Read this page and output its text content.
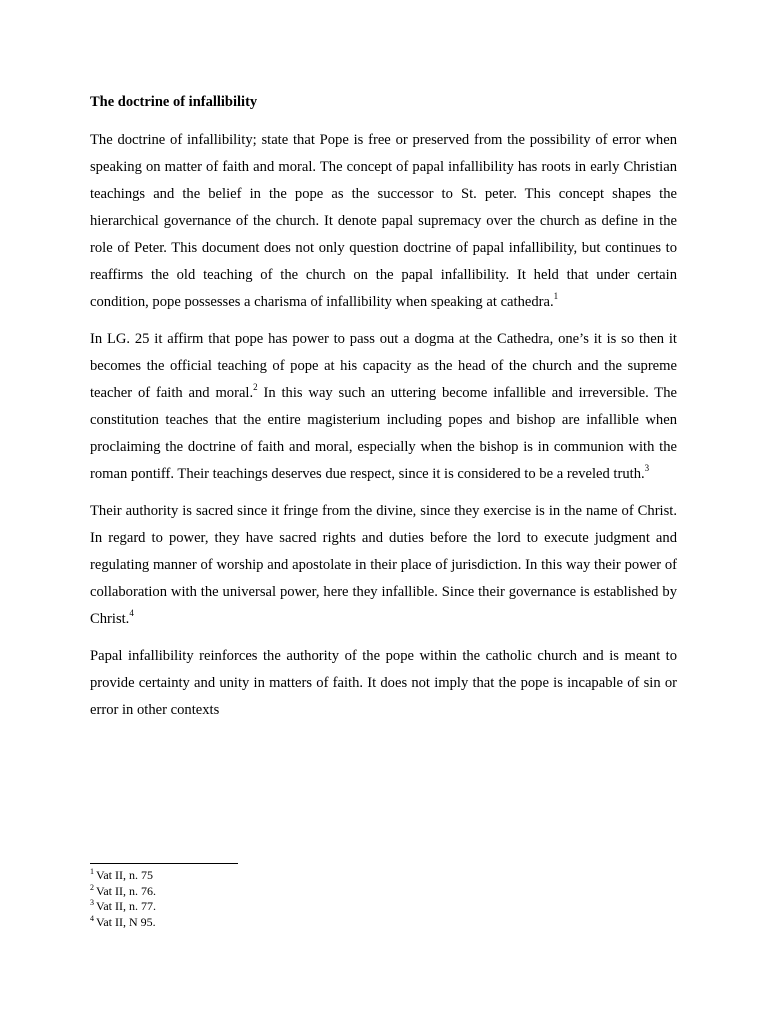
The doctrine of infallibility

The doctrine of infallibility; state that Pope is free or preserved from the possibility of error when speaking on matter of faith and moral. The concept of papal infallibility has roots in early Christian teachings and the belief in the pope as the successor to St. peter. This concept shapes the hierarchical governance of the church. It denote papal supremacy over the church as define in the role of Peter. This document does not only question doctrine of papal infallibility, but continues to reaffirms the old teaching of the church on the papal infallibility. It held that under certain condition, pope possesses a charisma of infallibility when speaking at cathedra.$^1$

In LG. 25 it affirm that pope has power to pass out a dogma at the Cathedra, one’s it is so then it becomes the official teaching of pope at his capacity as the head of the church and the supreme teacher of faith and moral.$^2$ In this way such an uttering become infallible and irreversible. The constitution teaches that the entire magisterium including popes and bishop are infallible when proclaiming the doctrine of faith and moral, especially when the bishop is in communion with the roman pontiff. Their teachings deserves due respect, since it is considered to be a reveled truth.$^3$

Their authority is sacred since it fringe from the divine, since they exercise is in the name of Christ. In regard to power, they have sacred rights and duties before the lord to execute judgment and regulating manner of worship and apostolate in their place of jurisdiction. In this way their power of collaboration with the universal power, here they infallible. Since their governance is established by Christ.$^4$

Papal infallibility reinforces the authority of the pope within the catholic church and is meant to provide certainty and unity in matters of faith. It does not imply that the pope is incapable of sin or error in other contexts

$^1$ Vat II, n. 75
$^2$ Vat II, n. 76.
$^3$ Vat II, n. 77.
$^4$ Vat II, N 95.
